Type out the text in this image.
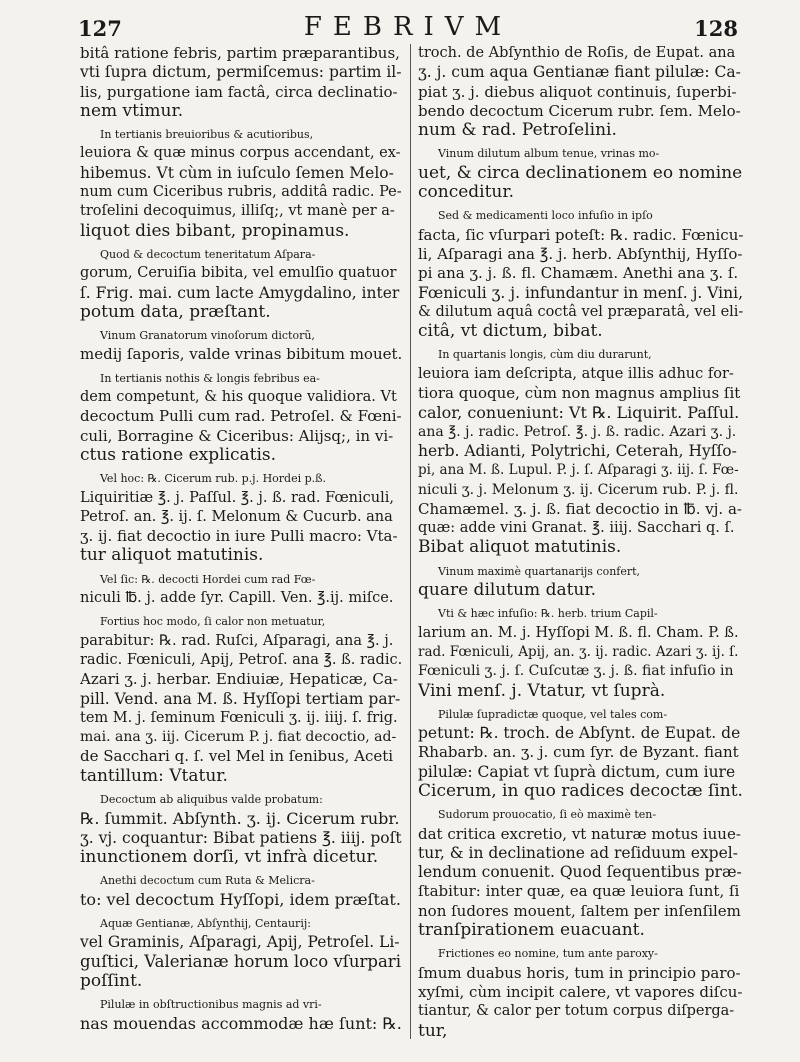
127	FEBRIVM	128

bitâ ratione febris, partim præparantibus,
vti ſupra dictum, permiſcemus: partim il-
lis, purgatione iam factâ, circa declinatio-
nem vtimur.

In tertianis breuioribus & acutioribus,
leuiora & quæ minus corpus accendant, ex-
hibemus. Vt cùm in iuſculo ſemen Melo-
num cum Ciceribus rubris, additâ radic. Pe-
troſelini decoquimus, illiſq;, vt manè per a-
liquot dies bibant, propinamus.

Quod & decoctum teneritatum Aſpara-
gorum, Ceruiſia bibita, vel emulſio quatuor
ſ. Frig. mai. cum lacte Amygdalino, inter
potum data, præſtant.

Vinum Granatorum vinoſorum dictorũ,
medij ſaporis, valde vrinas bibitum mouet.

In tertianis nothis & longis febribus ea-
dem competunt, & his quoque validiora. Vt
decoctum Pulli cum rad. Petroſel. & Fœni-
culi, Borragine & Ciceribus: Alijsq;, in vi-
ctus ratione explicatis.

Vel hoc: ℞. Cicerum rub. p.j. Hordei p.ß.
Liquiritiæ ℥. j. Paſſul. ℥. j. ß. rad. Fœniculi,
Petroſ. an. ℥. ij. ſ. Melonum & Cucurb. ana
ʒ. ij. fiat decoctio in iure Pulli macro: Vta-
tur aliquot matutinis.

Vel ſic: ℞. decocti Hordei cum rad Fœ-
niculi ℔. j. adde ſyr. Capill. Ven. ℥.ij. miſce.

Fortius hoc modo, ſi calor non metuatur,
parabitur: ℞. rad. Ruſci, Aſparagi, ana ℥. j.
radic. Fœniculi, Apij, Petroſ. ana ℥. ß. radic.
Azari ʒ. j. herbar. Endiuiæ, Hepaticæ, Ca-
pill. Vend. ana M. ß. Hyſſopi tertiam par-
tem M. j. ſeminum Fœniculi ʒ. ij. iiij. ſ. frig.
mai. ana ʒ. iij. Cicerum P. j. fiat decoctio, ad-
de Sacchari q. ſ. vel Mel in ſenibus, Aceti
tantillum: Vtatur.

Decoctum ab aliquibus valde probatum:
℞. ſummit. Abſynth. ʒ. ij. Cicerum rubr.
ʒ. vj. coquantur: Bibat patiens ℥. iiij. poſt
inunctionem dorſi, vt infrà dicetur.

Anethi decoctum cum Ruta & Melicra-
to: vel decoctum Hyſſopi, idem præſtat.

Aquæ Gentianæ, Abſynthij, Centaurij:
vel Graminis, Aſparagi, Apij, Petroſel. Li-
guſtici, Valerianæ horum loco vſurpari
poſſint.

Pilulæ in obſtructionibus magnis ad vri-
nas mouendas accommodæ hæ ſunt: ℞.

troch. de Abſynthio de Roſis, de Eupat. ana
ʒ. j. cum aqua Gentianæ fiant pilulæ: Ca-
piat ʒ. j. diebus aliquot continuis, ſuperbi-
bendo decoctum Cicerum rubr. ſem. Melo-
num & rad. Petroſelini.

Vinum dilutum album tenue, vrinas mo-
uet, & circa declinationem eo nomine
conceditur.

Sed & medicamenti loco infuſio in ipſo
facta, ſic vſurpari poteſt: ℞. radic. Fœnicu-
li, Aſparagi ana ℥. j. herb. Abſynthij, Hyſſo-
pi ana ʒ. j. ß. fl. Chamæm. Anethi ana ʒ. ſ.
Fœniculi ʒ. j. infundantur in menſ. j. Vini,
& dilutum aquâ coctâ vel præparatâ, vel eli-
citâ, vt dictum, bibat.

In quartanis longis, cùm diu durarunt,
leuiora iam deſcripta, atque illis adhuc for-
tiora quoque, cùm non magnus amplius ſit
calor, conueniunt: Vt ℞. Liquirit. Paſſul.
ana ℥. j. radic. Petroſ. ℥. j. ß. radic. Azari ʒ. j.
herb. Adianti, Polytrichi, Ceterah, Hyſſo-
pi, ana M. ß. Lupul. P. j. ſ. Aſparagi ʒ. iij. ſ. Fœ-
niculi ʒ. j. Melonum ʒ. ij. Cicerum rub. P. j. fl.
Chamæmel. ʒ. j. ß. fiat decoctio in ℔. vj. a-
quæ: adde vini Granat. ℥. iiij. Sacchari q. ſ.
Bibat aliquot matutinis.

Vinum maximè quartanarijs confert,
quare dilutum datur.

Vti & hæc infuſio: ℞. herb. trium Capil-
larium an. M. j. Hyſſopi M. ß. fl. Cham. P. ß.
rad. Fœniculi, Apij, an. ʒ. ij. radic. Azari ʒ. ij. ſ.
Fœniculi ʒ. j. ſ. Cuſcutæ ʒ. j. ß. fiat infuſio in
Vini menſ. j. Vtatur, vt ſuprà.

Pilulæ ſupradictæ quoque, vel tales com-
petunt: ℞. troch. de Abſynt. de Eupat. de
Rhabarb. an. ʒ. j. cum ſyr. de Byzant. fiant
pilulæ: Capiat vt ſuprà dictum, cum iure
Cicerum, in quo radices decoctæ ſint.

Sudorum prouocatio, ſi eò maximè ten-
dat critica excretio, vt naturæ motus iuue-
tur, & in declinatione ad reſiduum expel-
lendum conuenit. Quod ſequentibus præ-
ſtabitur: inter quæ, ea quæ leuiora ſunt, ſi
non ſudores mouent, ſaltem per inſenſilem
tranſpirationem euacuant.

Frictiones eo nomine, tum ante paroxy-
ſmum duabus horis, tum in principio paro-
xyſmi, cùm incipit calere, vt vapores diſcu-
tiantur, & calor per totum corpus diſperga-
tur,
